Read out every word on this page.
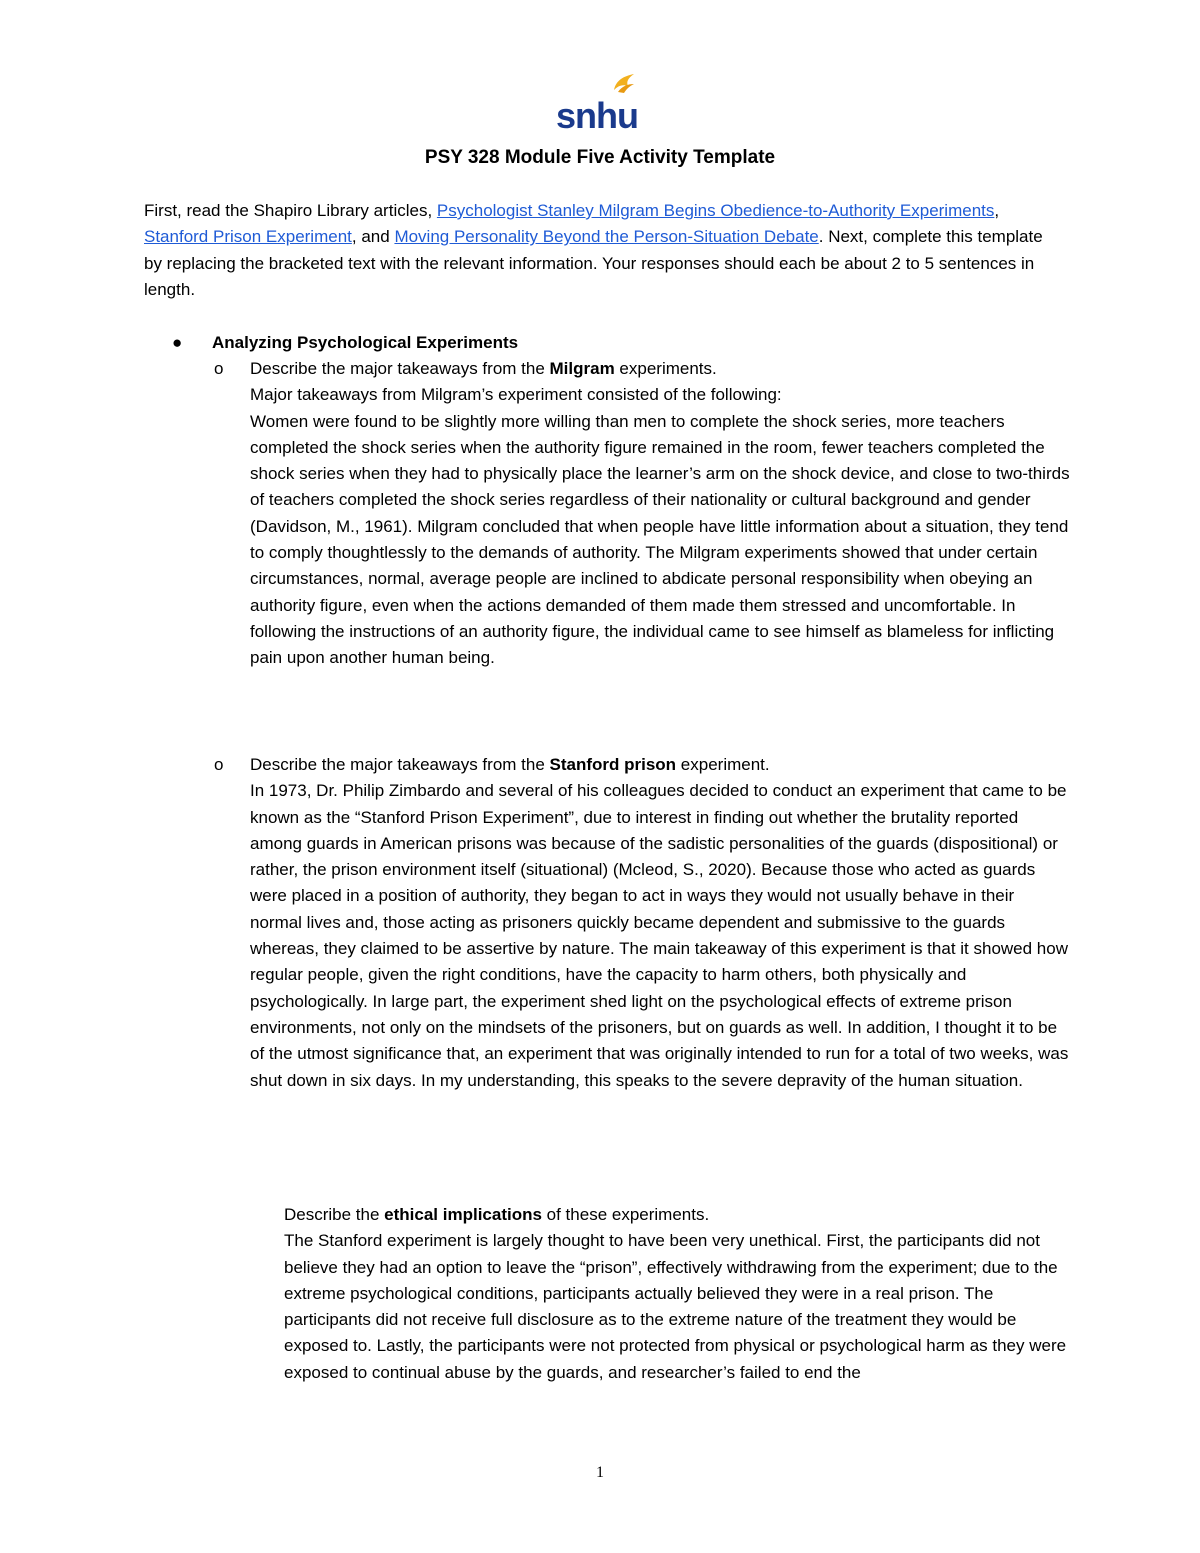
snhu
PSY 328 Module Five Activity Template

First, read the Shapiro Library articles, Psychologist Stanley Milgram Begins Obedience-to-Authority Experiments, Stanford Prison Experiment, and Moving Personality Beyond the Person-Situation Debate. Next, complete this template by replacing the bracketed text with the relevant information. Your responses should each be about 2 to 5 sentences in length.

● Analyzing Psychological Experiments
o Describe the major takeaways from the Milgram experiments.

Major takeaways from Milgram’s experiment consisted of the following:

Women were found to be slightly more willing than men to complete the shock series, more teachers completed the shock series when the authority figure remained in the room, fewer teachers completed the shock series when they had to physically place the learner’s arm on the shock device, and close to two-thirds of teachers completed the shock series regardless of their nationality or cultural background and gender (Davidson, M., 1961). Milgram concluded that when people have little information about a situation, they tend to comply thoughtlessly to the demands of authority. The Milgram experiments showed that under certain circumstances, normal, average people are inclined to abdicate personal responsibility when obeying an authority figure, even when the actions demanded of them made them stressed and uncomfortable. In following the instructions of an authority figure, the individual came to see himself as blameless for inflicting pain upon another human being.

o Describe the major takeaways from the Stanford prison experiment.

In 1973, Dr. Philip Zimbardo and several of his colleagues decided to conduct an experiment that came to be known as the “Stanford Prison Experiment”, due to interest in finding out whether the brutality reported among guards in American prisons was because of the sadistic personalities of the guards (dispositional) or rather, the prison environment itself (situational) (Mcleod, S., 2020). Because those who acted as guards were placed in a position of authority, they began to act in ways they would not usually behave in their normal lives and, those acting as prisoners quickly became dependent and submissive to the guards whereas, they claimed to be assertive by nature. The main takeaway of this experiment is that it showed how regular people, given the right conditions, have the capacity to harm others, both physically and psychologically. In large part, the experiment shed light on the psychological effects of extreme prison environments, not only on the mindsets of the prisoners, but on guards as well. In addition, I thought it to be of the utmost significance that, an experiment that was originally intended to run for a total of two weeks, was shut down in six days. In my understanding, this speaks to the severe depravity of the human situation.

Describe the ethical implications of these experiments.

The Stanford experiment is largely thought to have been very unethical. First, the participants did not believe they had an option to leave the “prison”, effectively withdrawing from the experiment; due to the extreme psychological conditions, participants actually believed they were in a real prison. The participants did not receive full disclosure as to the extreme nature of the treatment they would be exposed to. Lastly, the participants were not protected from physical or psychological harm as they were exposed to continual abuse by the guards, and researcher’s failed to end the

1
